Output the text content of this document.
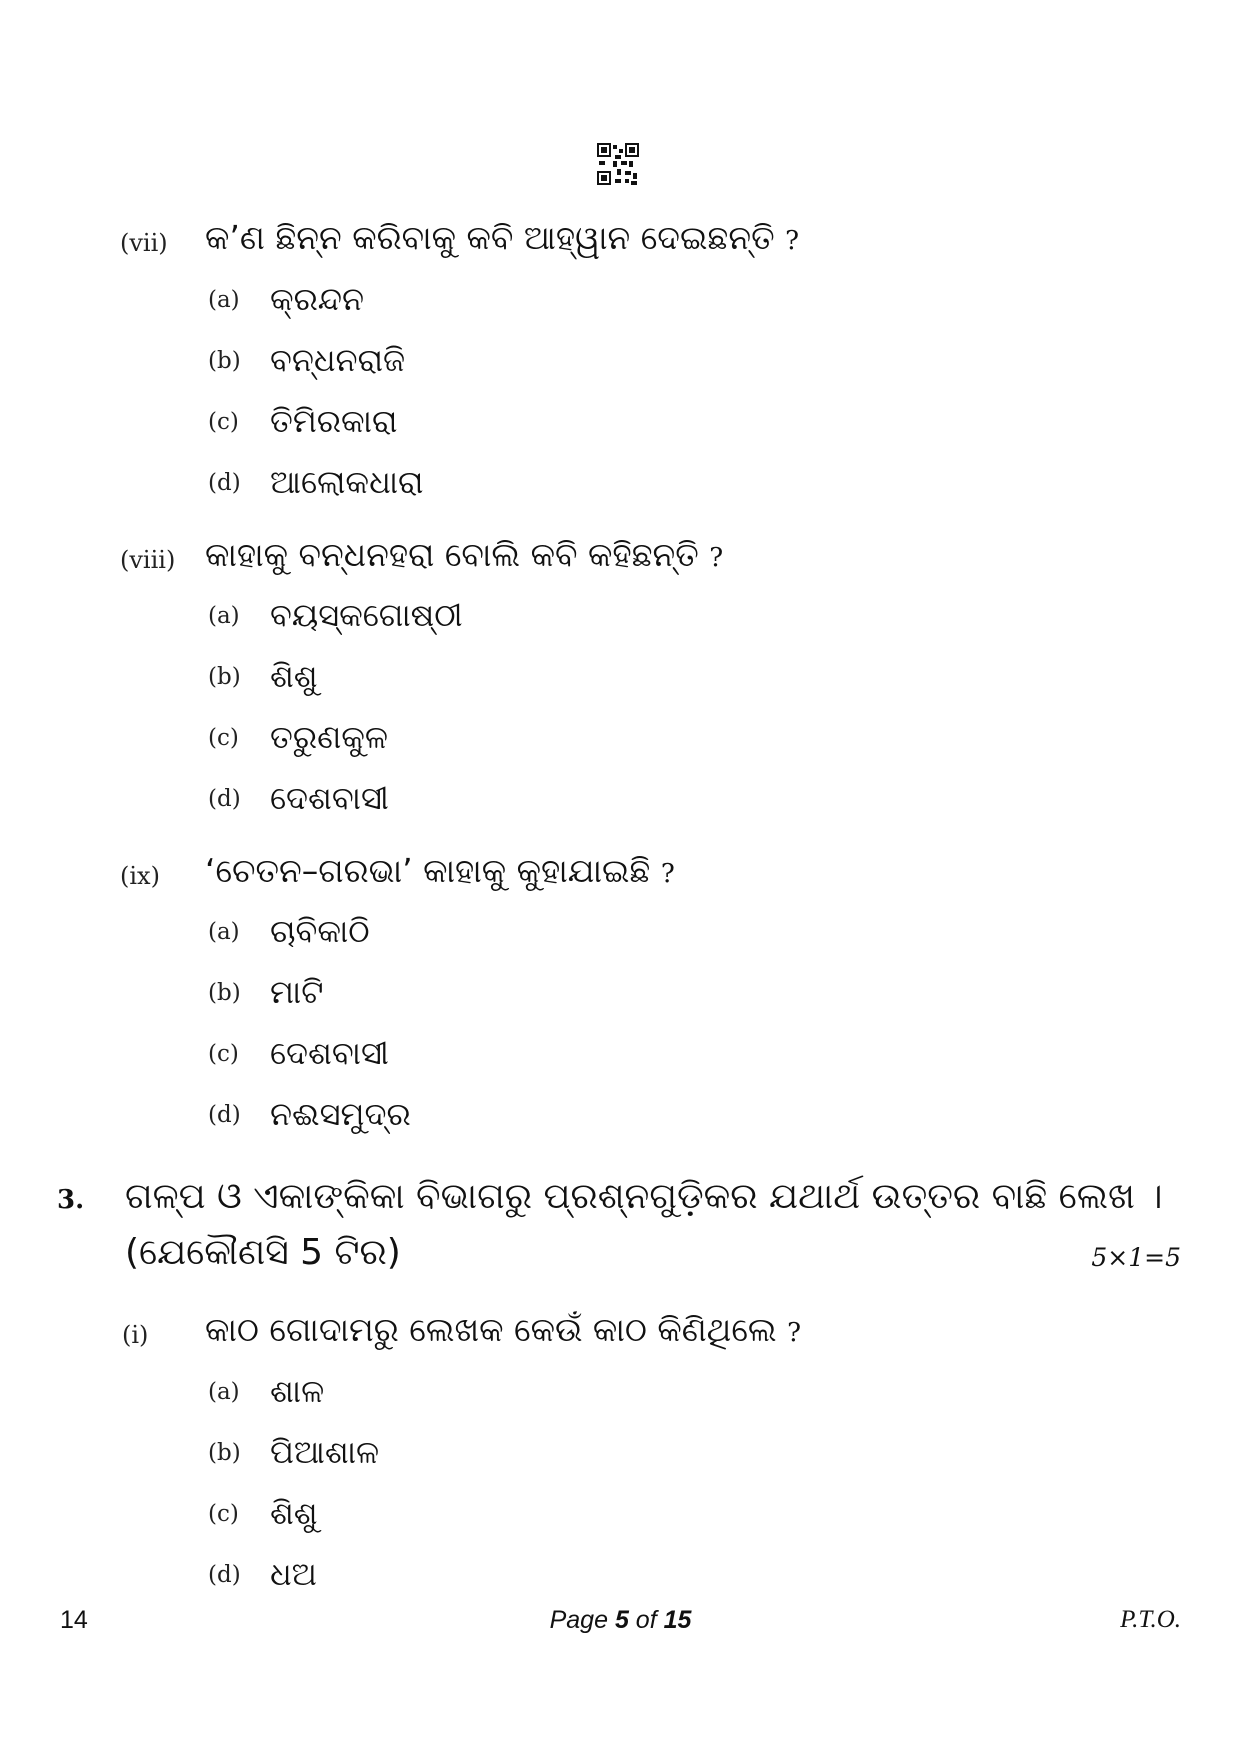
(vii) କ’ଣ ଛିନ୍ନ କରିବାକୁ କବି ଆହ୍ୱାନ ଦେଇଛନ୍ତି ?
(a) କ୍ରନ୍ଦନ
(b) ବନ୍ଧନରାଜି
(c) ତିମିରକାରା
(d) ଆଲୋକଧାରା
(viii) କାହାକୁ ବନ୍ଧନହରା ବୋଲି କବି କହିଛନ୍ତି ?
(a) ବୟସ୍କଗୋଷ୍ଠୀ
(b) ଶିଶୁ
(c) ତରୁଣକୁଳ
(d) ଦେଶବାସୀ
(ix) ‘ଚେତନ–ଗରଭା’ କାହାକୁ କୁହାଯାଇଛି ?
(a) ଚାବିକାଠି
(b) ମାଟି
(c) ଦେଶବାସୀ
(d) ନଈସମୁଦ୍ର
3. ଗଳ୍ପ ଓ ଏକାଙ୍କିକା ବିଭାଗରୁ ପ୍ରଶ୍ନଗୁଡ଼ିକର ଯଥାର୍ଥ ଉତ୍ତର ବାଛି ଲେଖ ।
(ଯେକୌଣସି 5 ଟିର)	5×1=5
(i) କାଠ ଗୋଦାମରୁ ଲେଖକ କେଉଁ କାଠ କିଣିଥିଲେ ?
(a) ଶାଳ
(b) ପିଆଶାଳ
(c) ଶିଶୁ
(d) ଧଅ
14	Page 5 of 15	P.T.O.
